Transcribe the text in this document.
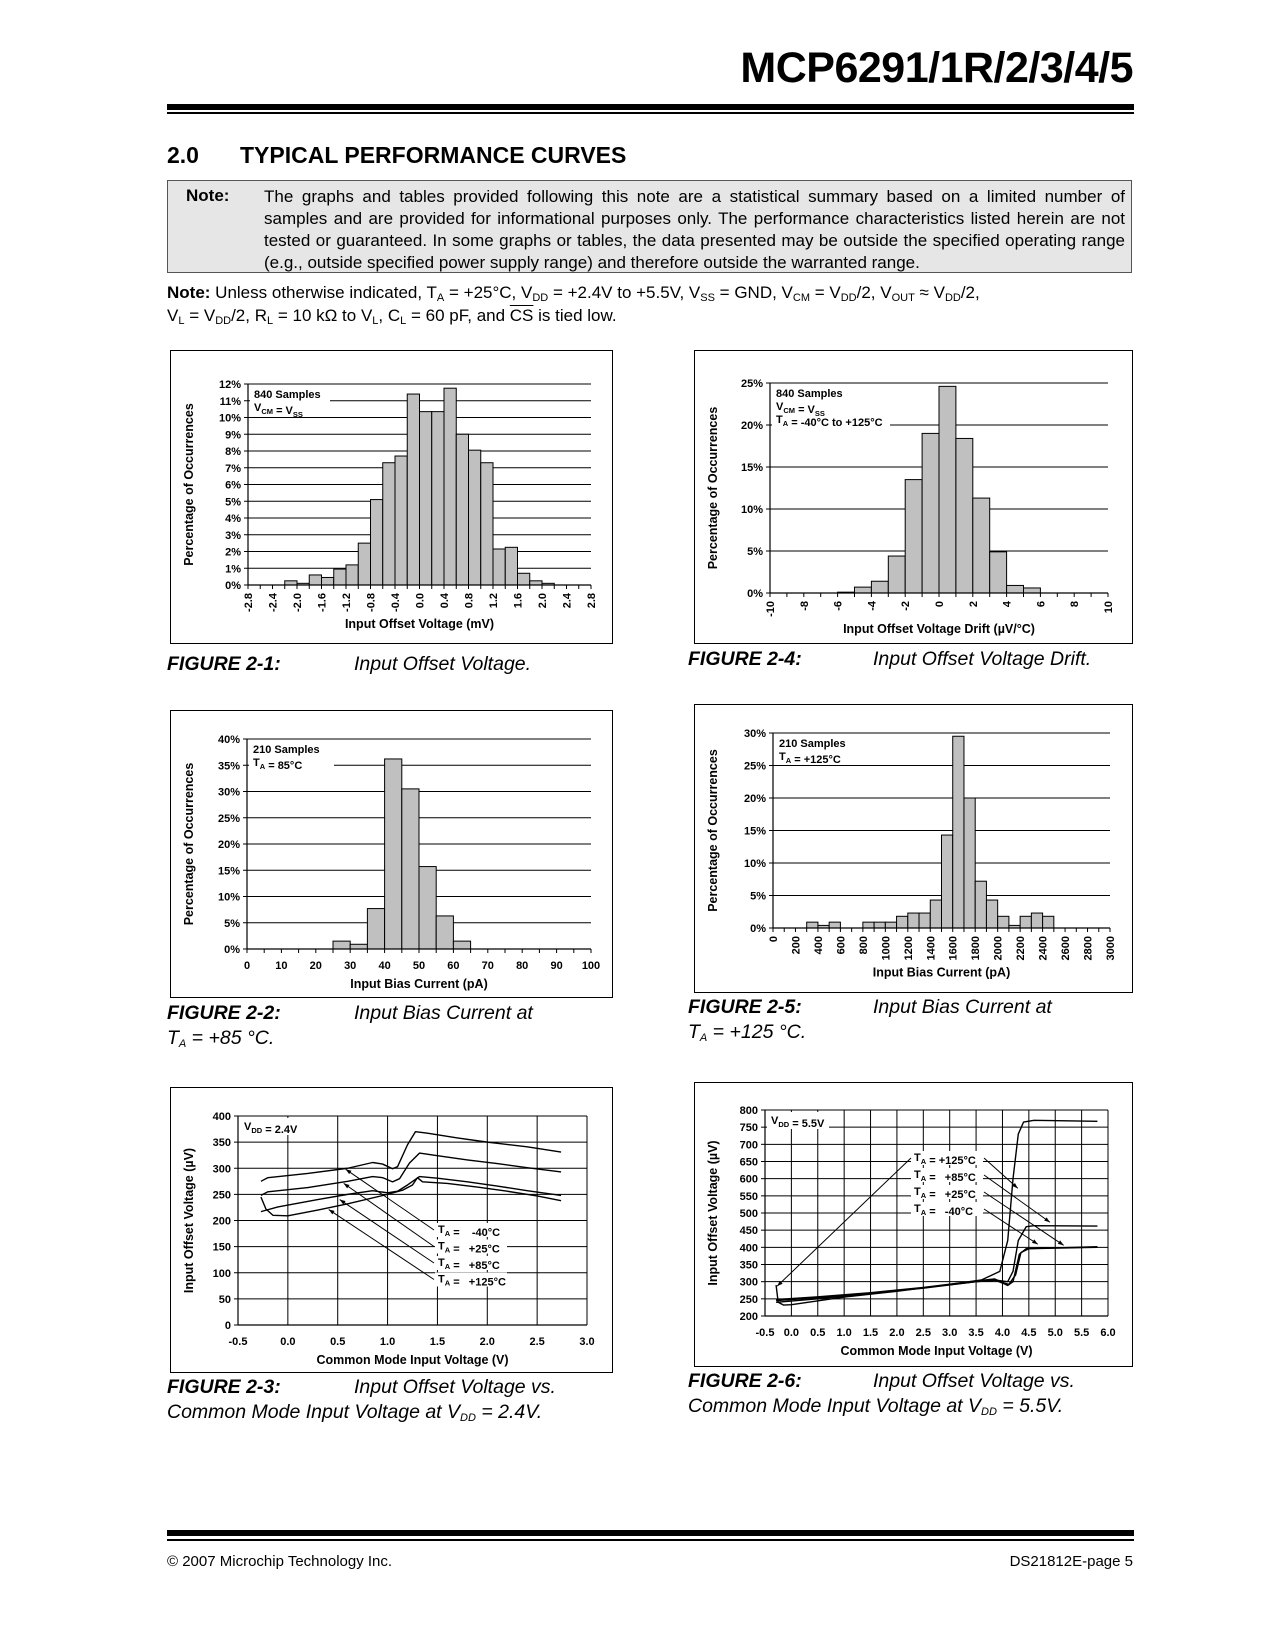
MCP6291/1R/2/3/4/5
2.0 TYPICAL PERFORMANCE CURVES
Note: The graphs and tables provided following this note are a statistical summary based on a limited number of samples and are provided for informational purposes only. The performance characteristics listed herein are not tested or guaranteed. In some graphs or tables, the data presented may be outside the specified operating range (e.g., outside specified power supply range) and therefore outside the warranted range.
Note: Unless otherwise indicated, $T_A = +25^\circ C$, $V_{DD} = +2.4V$ to +5.5V, $V_{SS}$ = GND, $V_{CM} = V_{DD}/2$, $V_{OUT} \approx V_{DD}/2$,
$V_L = V_{DD}/2$, $R_L = 10$ kΩ to $V_L$, $C_L = 60$ pF, and $\overline{CS}$ is tied low.
0%
1%
2%
3%
4%
5%
6%
7%
8%
9%
10%
11%
12%
-2.8 -2.4 -2.0 -1.6 -1.2 -0.8 -0.4 0.0 0.4 0.8 1.2 1.6 2.0 2.4 2.8
Input Offset Voltage (mV)
Percentage of Occurrences
840 Samples
$V_{CM} = V_{SS}$
0%
5%
10%
15%
20%
25%
-10 -8 -6 -4 -2 0 2 4 6 8 10
Input Offset Voltage Drift (µV/°C)
Percentage of Occurrences
840 Samples
$V_{CM} = V_{SS}$
$T_A = -40^\circ C$ to +125°C
0%
5%
10%
15%
20%
25%
30%
35%
40%
0 10 20 30 40 50 60 70 80 90 100
Input Bias Current (pA)
Percentage of Occurrences
210 Samples
$T_A = 85^\circ C$
0%
5%
10%
15%
20%
25%
30%
0 200 400 600 800 1000 1200 1400 1600 1800 2000 2200 2400 2600 2800 3000
Input Bias Current (pA)
Percentage of Occurrences
210 Samples
$T_A = +125^\circ C$
0
50
100
150
200
250
300
350
400
-0.5	0.0	0.5	1.0	1.5	2.0	2.5	3.0
Common Mode Input Voltage (V)
Input Offset Voltage (µV)	$T_A$ =    -40°C
$T_A = +25^\circ C$
$T_A = +85^\circ C$
$T_A = +125^\circ C$
$V_{DD} = 2.4V$
200
250
300
350
400
450
500
550
600
650
700
750
800
-0.5 0.0 0.5 1.0 1.5 2.0 2.5 3.0 3.5 4.0 4.5 5.0 5.5 6.0
Common Mode Input Voltage (V)
Input Offset Voltage (µV)	$T_A = +125^\circ C$
$T_A = +85^\circ C$
$T_A = +25^\circ C$
$T_A = -40^\circ C$
$V_{DD} = 5.5V$
FIGURE 2-1:	Input Offset Voltage.	FIGURE 2-4:	Input Offset Voltage Drift.
FIGURE 2-2:	Input Bias Current at
$T_A = +85$ °C.
FIGURE 2-5:	Input Bias Current at
$T_A = +125$ °C.
FIGURE 2-3:	Input Offset Voltage vs.
Common Mode Input Voltage at $V_{DD} = 2.4V$.
FIGURE 2-6:	Input Offset Voltage vs.
Common Mode Input Voltage at $V_{DD} = 5.5V$.
© 2007 Microchip Technology Inc.	DS21812E-page 5
